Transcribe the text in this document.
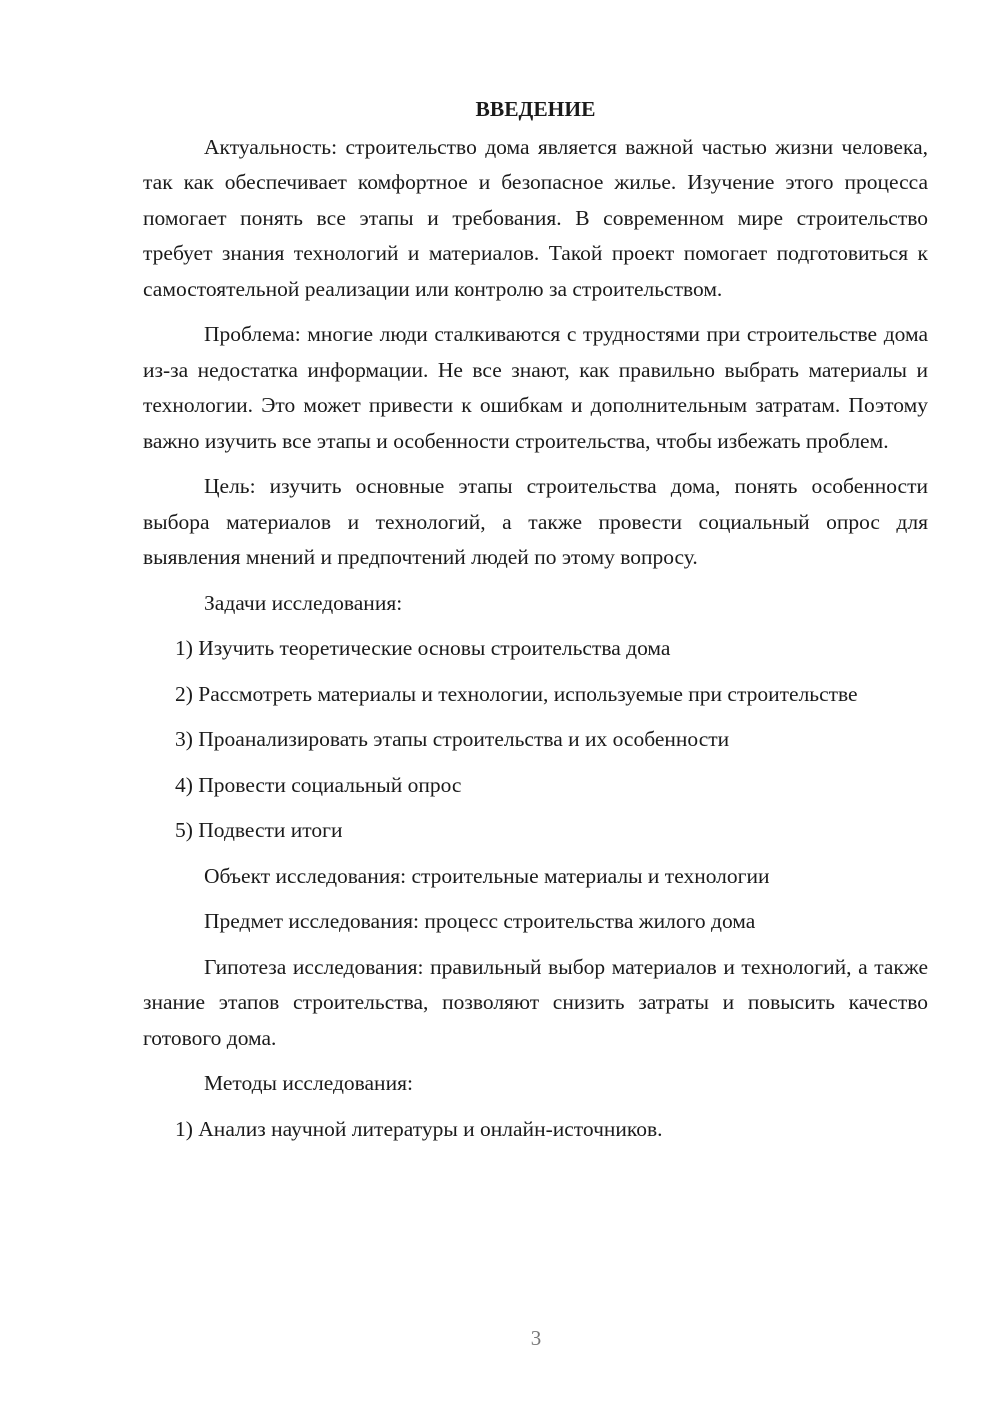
ВВЕДЕНИЕ

Актуальность: строительство дома является важной частью жизни человека, так как обеспечивает комфортное и безопасное жилье. Изучение этого процесса помогает понять все этапы и требования. В современном мире строительство требует знания технологий и материалов. Такой проект помогает подготовиться к самостоятельной реализации или контролю за строительством.

Проблема: многие люди сталкиваются с трудностями при строительстве дома из-за недостатка информации. Не все знают, как правильно выбрать материалы и технологии. Это может привести к ошибкам и дополнительным затратам. Поэтому важно изучить все этапы и особенности строительства, чтобы избежать проблем.

Цель: изучить основные этапы строительства дома, понять особенности выбора материалов и технологий, а также провести социальный опрос для выявления мнений и предпочтений людей по этому вопросу.

Задачи исследования:

1) Изучить теоретические основы строительства дома

2) Рассмотреть материалы и технологии, используемые при строительстве

3) Проанализировать этапы строительства и их особенности

4) Провести социальный опрос

5) Подвести итоги

Объект исследования: строительные материалы и технологии

Предмет исследования: процесс строительства жилого дома

Гипотеза исследования: правильный выбор материалов и технологий, а также знание этапов строительства, позволяют снизить затраты и повысить качество готового дома.

Методы исследования:

1) Анализ научной литературы и онлайн-источников.

3
